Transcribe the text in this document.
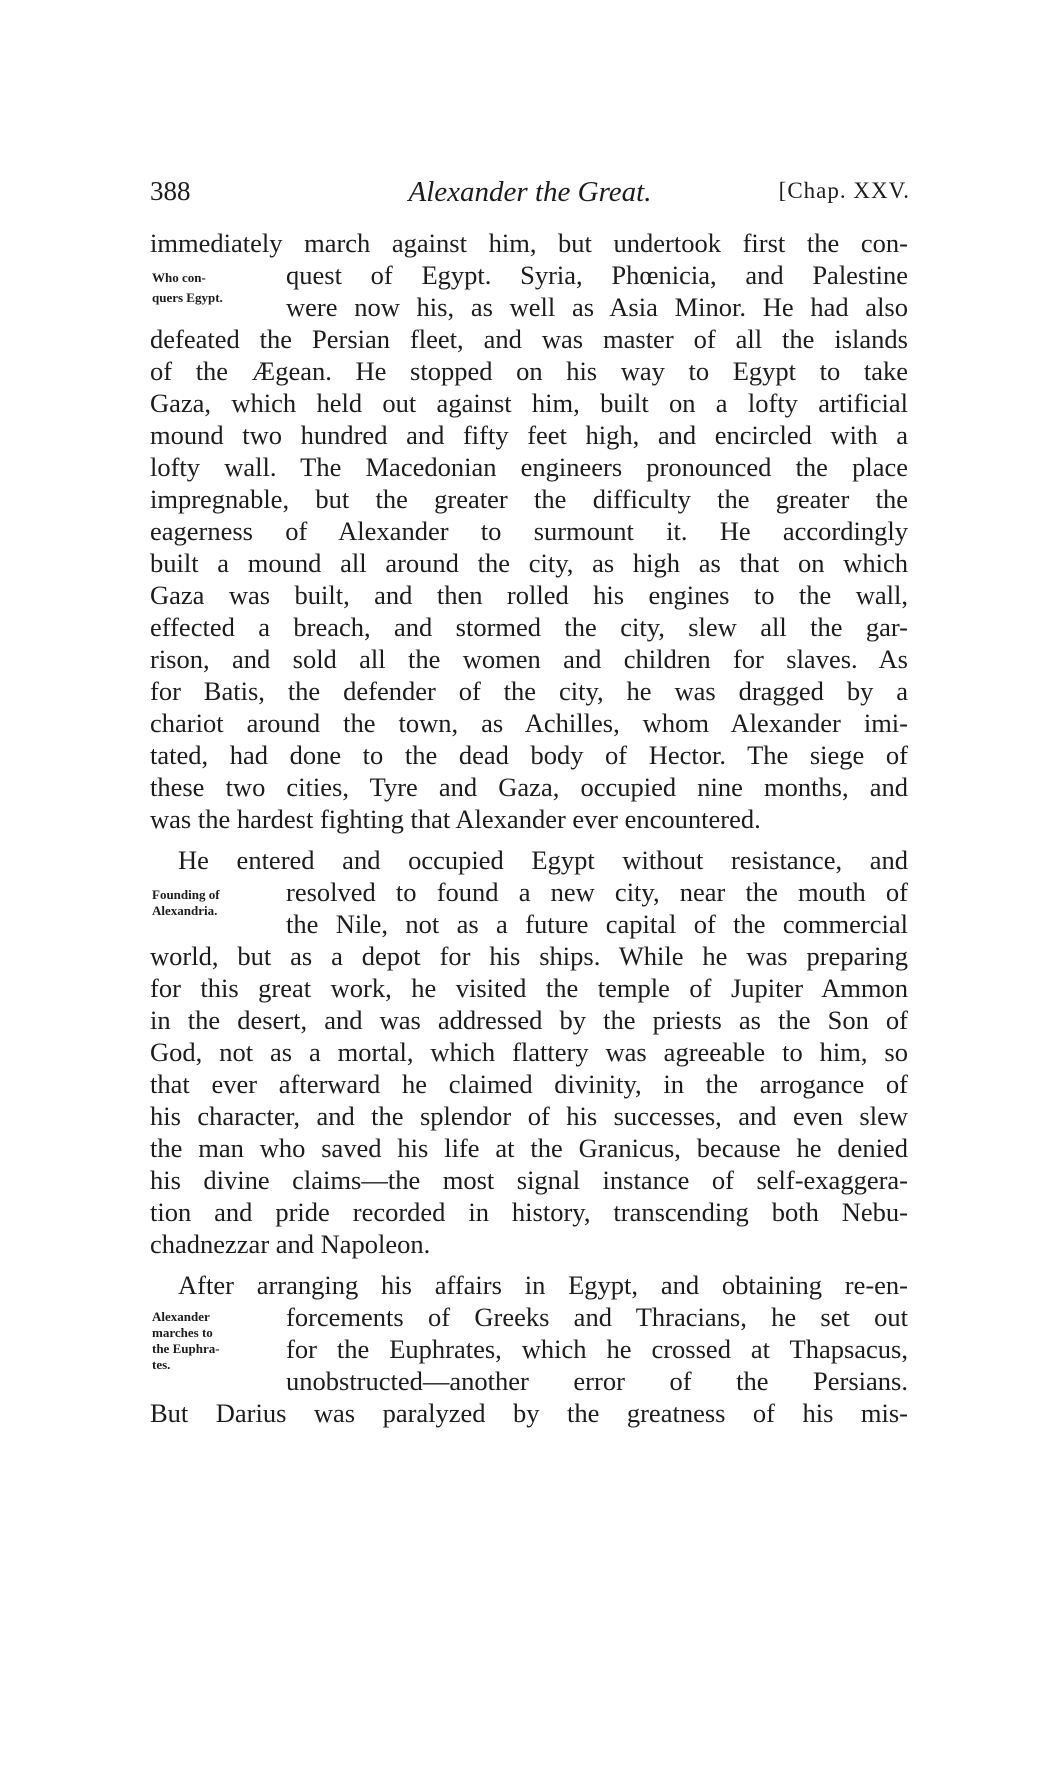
388	Alexander the Great.	[Chap. XXV.
immediately march against him, but undertook first the con-
quest of Egypt. Syria, Phœnicia, and Palestine
were now his, as well as Asia Minor. He had also
defeated the Persian fleet, and was master of all the islands
of the Ægean. He stopped on his way to Egypt to take
Gaza, which held out against him, built on a lofty artificial
mound two hundred and fifty feet high, and encircled with a
lofty wall. The Macedonian engineers pronounced the place
impregnable, but the greater the difficulty the greater the
eagerness of Alexander to surmount it. He accordingly
built a mound all around the city, as high as that on which
Gaza was built, and then rolled his engines to the wall,
effected a breach, and stormed the city, slew all the gar-
rison, and sold all the women and children for slaves. As
for Batis, the defender of the city, he was dragged by a
chariot around the town, as Achilles, whom Alexander imi-
tated, had done to the dead body of Hector. The siege of
these two cities, Tyre and Gaza, occupied nine months, and
was the hardest fighting that Alexander ever encountered.
He entered and occupied Egypt without resistance, and
resolved to found a new city, near the mouth of
the Nile, not as a future capital of the commercial
world, but as a depot for his ships. While he was preparing
for this great work, he visited the temple of Jupiter Ammon
in the desert, and was addressed by the priests as the Son of
God, not as a mortal, which flattery was agreeable to him, so
that ever afterward he claimed divinity, in the arrogance of
his character, and the splendor of his successes, and even slew
the man who saved his life at the Granicus, because he denied
his divine claims—the most signal instance of self-exaggera-
tion and pride recorded in history, transcending both Nebu-
chadnezzar and Napoleon.
After arranging his affairs in Egypt, and obtaining re-en-
forcements of Greeks and Thracians, he set out
for the Euphrates, which he crossed at Thapsacus,
unobstructed—another error of the Persians.
But Darius was paralyzed by the greatness of his mis-
Who con-
quers Egypt.
Founding of
Alexandria.
Alexander
marches to
the Euphra-
tes.
